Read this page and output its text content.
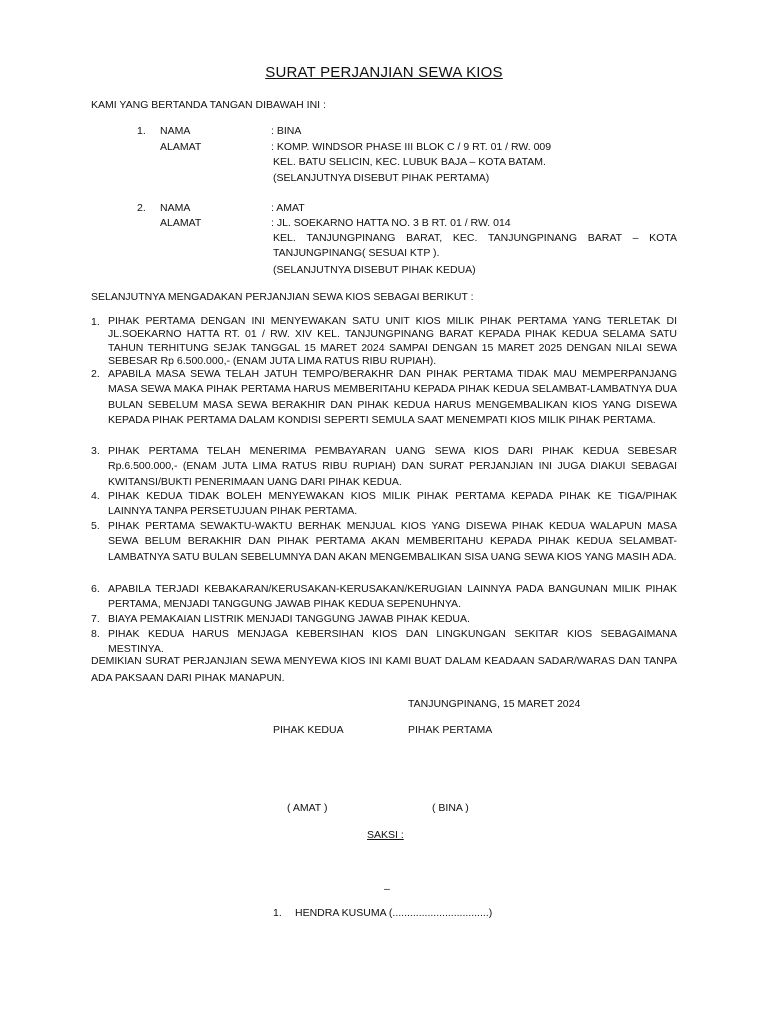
SURAT PERJANJIAN SEWA KIOS
KAMI YANG BERTANDA TANGAN DIBAWAH INI :
1. NAMA	: BINA
ALAMAT	: KOMP. WINDSOR PHASE III BLOK C / 9 RT. 01 / RW. 009
KEL. BATU SELICIN, KEC. LUBUK BAJA – KOTA BATAM.
(SELANJUTNYA DISEBUT PIHAK PERTAMA)
2. NAMA	: AMAT
ALAMAT	: JL. SOEKARNO HATTA NO. 3 B RT. 01 / RW. 014
KEL. TANJUNGPINANG BARAT, KEC. TANJUNGPINANG BARAT – KOTA TANJUNGPINANG( SESUAI KTP ).
(SELANJUTNYA DISEBUT PIHAK KEDUA)
SELANJUTNYA MENGADAKAN PERJANJIAN SEWA KIOS SEBAGAI BERIKUT :
1. PIHAK PERTAMA DENGAN INI MENYEWAKAN SATU UNIT KIOS MILIK PIHAK PERTAMA YANG TERLETAK DI JL.SOEKARNO HATTA RT. 01 / RW. XIV KEL. TANJUNGPINANG BARAT KEPADA PIHAK KEDUA SELAMA SATU TAHUN TERHITUNG SEJAK TANGGAL 15 MARET 2024 SAMPAI DENGAN 15 MARET 2025 DENGAN NILAI SEWA SEBESAR Rp 6.500.000,- (ENAM JUTA LIMA RATUS RIBU RUPIAH).
2. APABILA MASA SEWA TELAH JATUH TEMPO/BERAKHR DAN PIHAK PERTAMA TIDAK MAU MEMPERPANJANG MASA SEWA MAKA PIHAK PERTAMA HARUS MEMBERITAHU KEPADA PIHAK KEDUA SELAMBAT-LAMBATNYA DUA BULAN SEBELUM MASA SEWA BERAKHIR DAN PIHAK KEDUA HARUS MENGEMBALIKAN KIOS YANG DISEWA KEPADA PIHAK PERTAMA DALAM KONDISI SEPERTI SEMULA SAAT MENEMPATI KIOS MILIK PIHAK PERTAMA.
3. PIHAK PERTAMA TELAH MENERIMA PEMBAYARAN UANG SEWA KIOS DARI PIHAK KEDUA SEBESAR Rp.6.500.000,- (ENAM JUTA LIMA RATUS RIBU RUPIAH) DAN SURAT PERJANJIAN INI JUGA DIAKUI SEBAGAI KWITANSI/BUKTI PENERIMAAN UANG DARI PIHAK KEDUA.
4. PIHAK KEDUA TIDAK BOLEH MENYEWAKAN KIOS MILIK PIHAK PERTAMA KEPADA PIHAK KE TIGA/PIHAK LAINNYA TANPA PERSETUJUAN PIHAK PERTAMA.
5. PIHAK PERTAMA SEWAKTU-WAKTU BERHAK MENJUAL KIOS YANG DISEWA PIHAK KEDUA WALAPUN MASA SEWA BELUM BERAKHIR DAN PIHAK PERTAMA AKAN MEMBERITAHU KEPADA PIHAK KEDUA SELAMBAT-LAMBATNYA SATU BULAN SEBELUMNYA DAN AKAN MENGEMBALIKAN SISA UANG SEWA KIOS YANG MASIH ADA.
6. APABILA TERJADI KEBAKARAN/KERUSAKAN-KERUSAKAN/KERUGIAN LAINNYA PADA BANGUNAN MILIK PIHAK PERTAMA, MENJADI TANGGUNG JAWAB PIHAK KEDUA SEPENUHNYA.
7. BIAYA PEMAKAIAN LISTRIK MENJADI TANGGUNG JAWAB PIHAK KEDUA.
8. PIHAK KEDUA HARUS MENJAGA KEBERSIHAN KIOS DAN LINGKUNGAN SEKITAR KIOS SEBAGAIMANA MESTINYA.
DEMIKIAN SURAT PERJANJIAN SEWA MENYEWA KIOS INI KAMI BUAT DALAM KEADAAN SADAR/WARAS DAN TANPA ADA PAKSAAN DARI PIHAK MANAPUN.
TANJUNGPINANG, 15 MARET 2024
PIHAK KEDUA	PIHAK PERTAMA
( AMAT )	( BINA )
SAKSI :
–
1. HENDRA KUSUMA (.................................)
